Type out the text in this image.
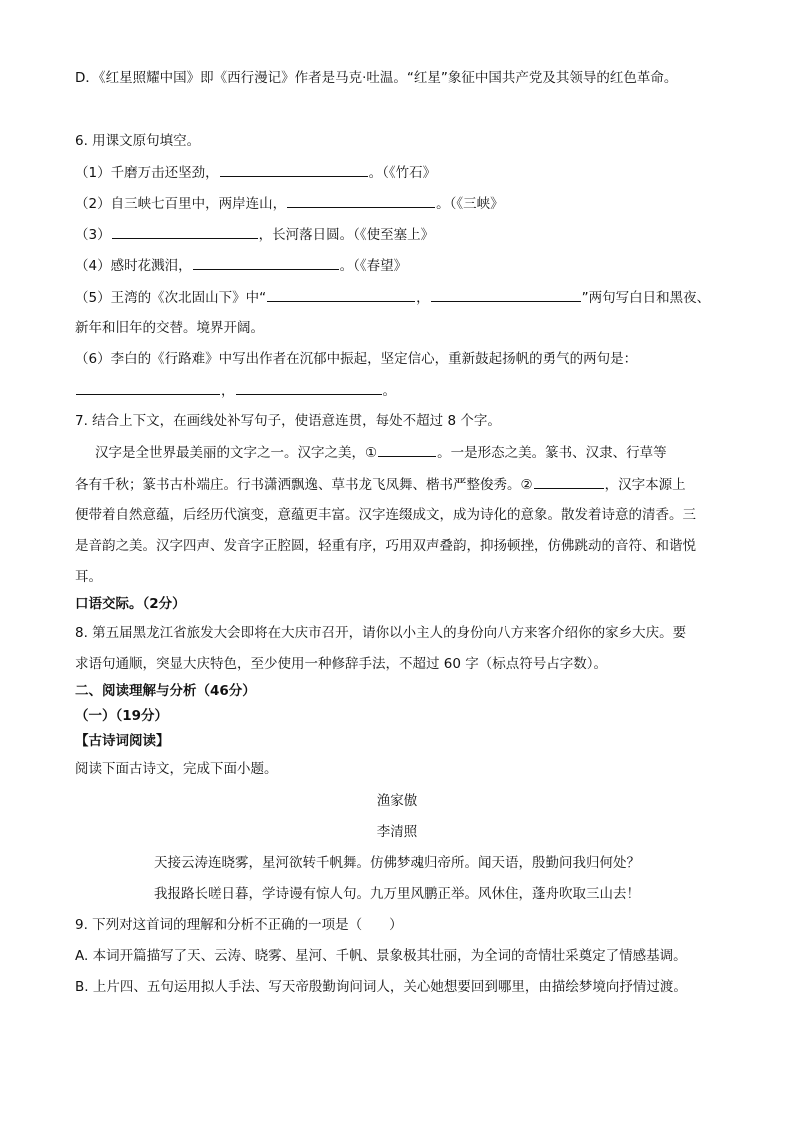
D．《红星照耀中国》即《西行漫记》作者是马克·吐温。“红星”象征中国共产党及其领导的红色革命。
6. 用课文原句填空。
（1）千磨万击还坚劲，	。（《竹石》
（2）自三峡七百里中，两岸连山，	。（《三峡》
（3）	，长河落日圆。（《使至塞上》
（4）感时花溅泪，	。（《春望》
（5）王湾的《次北固山下》中“	，	”两句写白日和黑夜、
新年和旧年的交替。境界开阔。
（6）李白的《行路难》中写出作者在沉郁中振起，坚定信心，重新鼓起扬帆的勇气的两句是：
，	。
7. 结合上下文，在画线处补写句子，使语意连贯，每处不超过 8 个字。
汉字是全世界最美丽的文字之一。汉字之美，①	。一是形态之美。篆书、汉隶、行草等
各有千秋；篆书古朴端庄。行书潇洒飘逸、草书龙飞凤舞、楷书严整俊秀。②	，汉字本源上
便带着自然意蕴，后经历代演变，意蕴更丰富。汉字连缀成文，成为诗化的意象。散发着诗意的清香。三
是音韵之美。汉字四声、发音字正腔圆，轻重有序，巧用双声叠韵，抑扬顿挫，仿佛跳动的音符、和谐悦
耳。
口语交际。（2分）
8. 第五届黑龙江省旅发大会即将在大庆市召开，请你以小主人的身份向八方来客介绍你的家乡大庆。要
求语句通顺，突显大庆特色，至少使用一种修辞手法，不超过 60 字（标点符号占字数）。
二、阅读理解与分析（46分）
（一）（19分）
【古诗词阅读】
阅读下面古诗文，完成下面小题。
渔家傲
李清照
天接云涛连晓雾，星河欲转千帆舞。仿佛梦魂归帝所。闻天语，殷勤问我归何处？
我报路长嗟日暮，学诗谩有惊人句。九万里风鹏正举。风休住，蓬舟吹取三山去！
9. 下列对这首词的理解和分析不正确的一项是（　　）
A. 本词开篇描写了天、云涛、晓雾、星河、千帆、景象极其壮丽，为全词的奇情壮采奠定了情感基调。
B. 上片四、五句运用拟人手法、写天帝殷勤询问词人，关心她想要回到哪里，由描绘梦境向抒情过渡。
